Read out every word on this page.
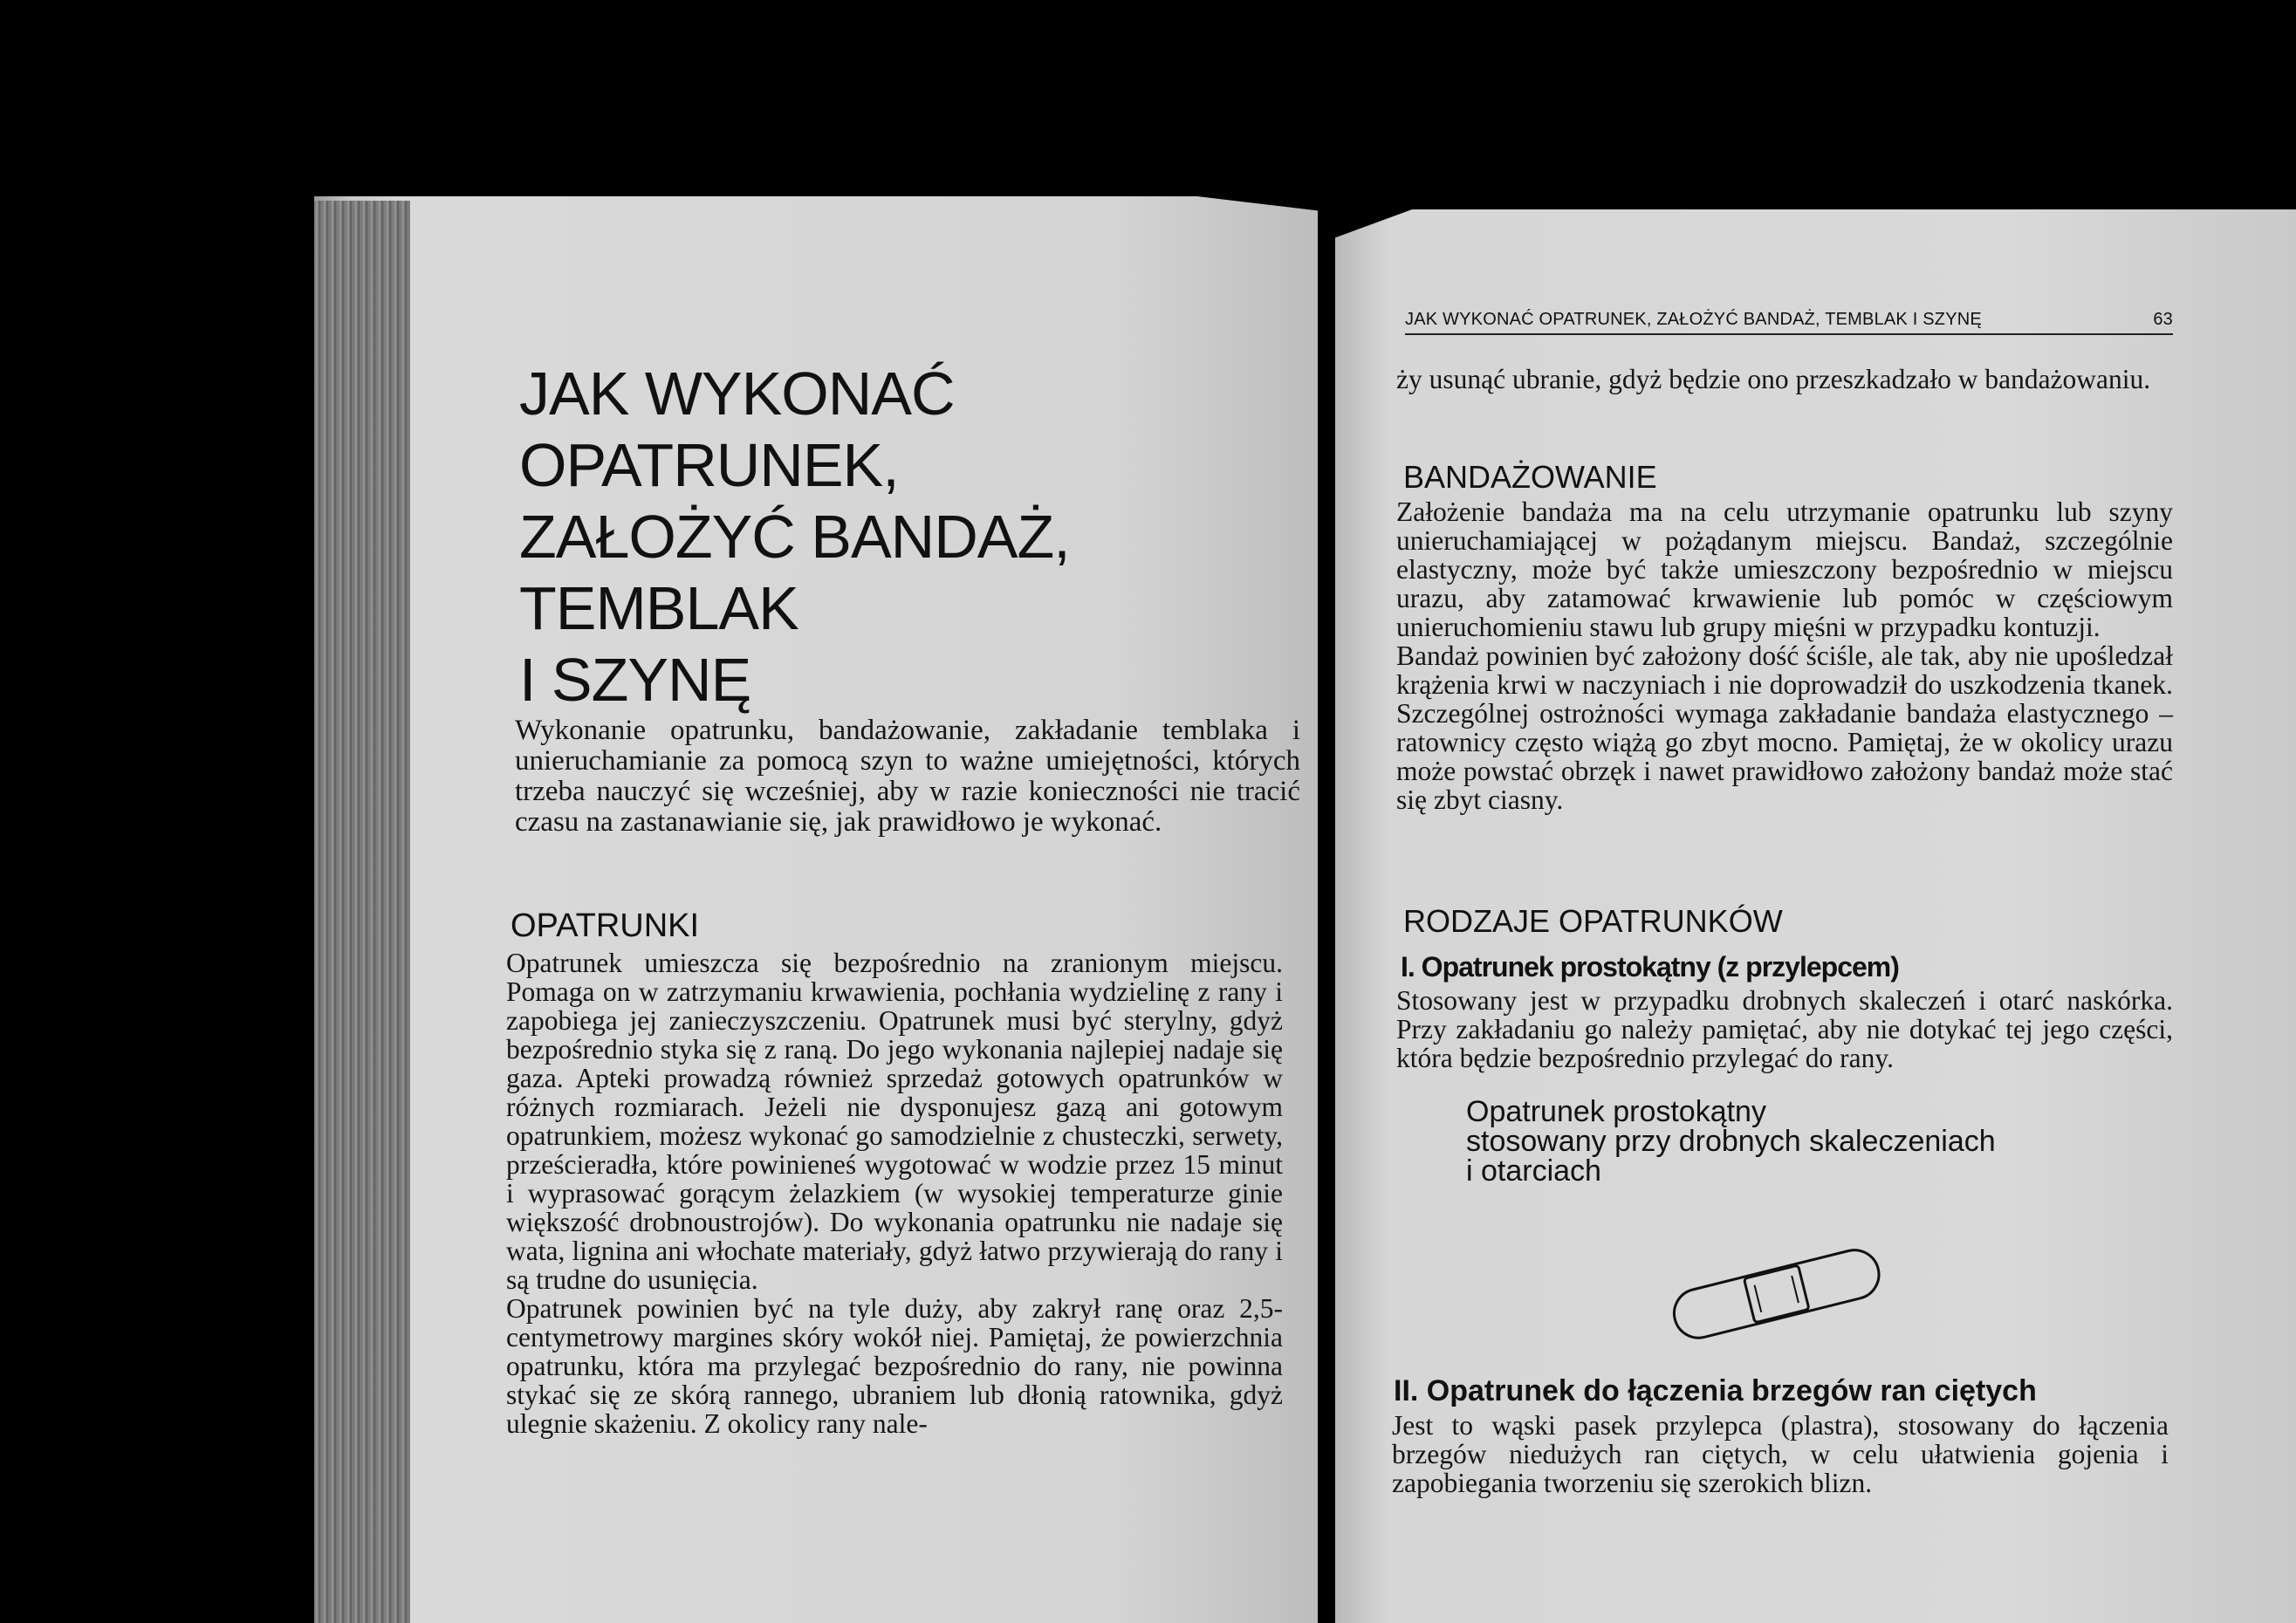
JAK WYKONAĆ OPATRUNEK,
ZAŁOŻYĆ BANDAŻ, TEMBLAK
I SZYNĘ
Wykonanie opatrunku, bandażowanie, zakładanie temblaka i unieruchamianie za pomocą szyn to ważne umiejętności, których trzeba nauczyć się wcześniej, aby w razie konieczności nie tracić czasu na zastanawianie się, jak prawidłowo je wykonać.
OPATRUNKI

Opatrunek umieszcza się bezpośrednio na zranionym miejscu. Pomaga on w zatrzymaniu krwawienia, pochłania wydzielinę z rany i zapobiega jej zanieczyszczeniu. Opatrunek musi być sterylny, gdyż bezpośrednio styka się z raną. Do jego wykonania najlepiej nadaje się gaza. Apteki prowadzą również sprzedaż gotowych opatrunków w różnych rozmiarach. Jeżeli nie dysponujesz gazą ani gotowym opatrunkiem, możesz wykonać go samodzielnie z chusteczki, serwety, prześcieradła, które powinieneś wygotować w wodzie przez 15 minut i wyprasować gorącym żelazkiem (w wysokiej temperaturze ginie większość drobnoustrojów). Do wykonania opatrunku nie nadaje się wata, lignina ani włochate materiały, gdyż łatwo przywierają do rany i są trudne do usunięcia.

Opatrunek powinien być na tyle duży, aby zakrył ranę oraz 2,5- centymetrowy margines skóry wokół niej. Pamiętaj, że powierzchnia opatrunku, która ma przylegać bezpośrednio do rany, nie powinna stykać się ze skórą rannego, ubraniem lub dłonią ratownika, gdyż ulegnie skażeniu. Z okolicy rany nale-

JAK WYKONAĆ OPATRUNEK, ZAŁOŻYĆ BANDAŻ, TEMBLAK I SZYNĘ	63
ży usunąć ubranie, gdyż będzie ono przeszkadzało w bandażowaniu.
BANDAŻOWANIE

Założenie bandaża ma na celu utrzymanie opatrunku lub szyny unieruchamiającej w pożądanym miejscu. Bandaż, szczególnie elastyczny, może być także umieszczony bezpośrednio w miejscu urazu, aby zatamować krwawienie lub pomóc w częściowym unieruchomieniu stawu lub grupy mięśni w przypadku kontuzji.

Bandaż powinien być założony dość ściśle, ale tak, aby nie upośledzał krążenia krwi w naczyniach i nie doprowadził do uszkodzenia tkanek. Szczególnej ostrożności wymaga zakładanie bandaża elastycznego – ratownicy często wiążą go zbyt mocno. Pamiętaj, że w okolicy urazu może powstać obrzęk i nawet prawidłowo założony bandaż może stać się zbyt ciasny.

RODZAJE OPATRUNKÓW
I. Opatrunek prostokątny (z przylepcem)
Stosowany jest w przypadku drobnych skaleczeń i otarć naskórka. Przy zakładaniu go należy pamiętać, aby nie dotykać tej jego części, która będzie bezpośrednio przylegać do rany.
Opatrunek prostokątny
stosowany przy drobnych skaleczeniach
i otarciach
II. Opatrunek do łączenia brzegów ran ciętych
Jest to wąski pasek przylepca (plastra), stosowany do łączenia brzegów niedużych ran ciętych, w celu ułatwienia gojenia i zapobiegania tworzeniu się szerokich blizn.
